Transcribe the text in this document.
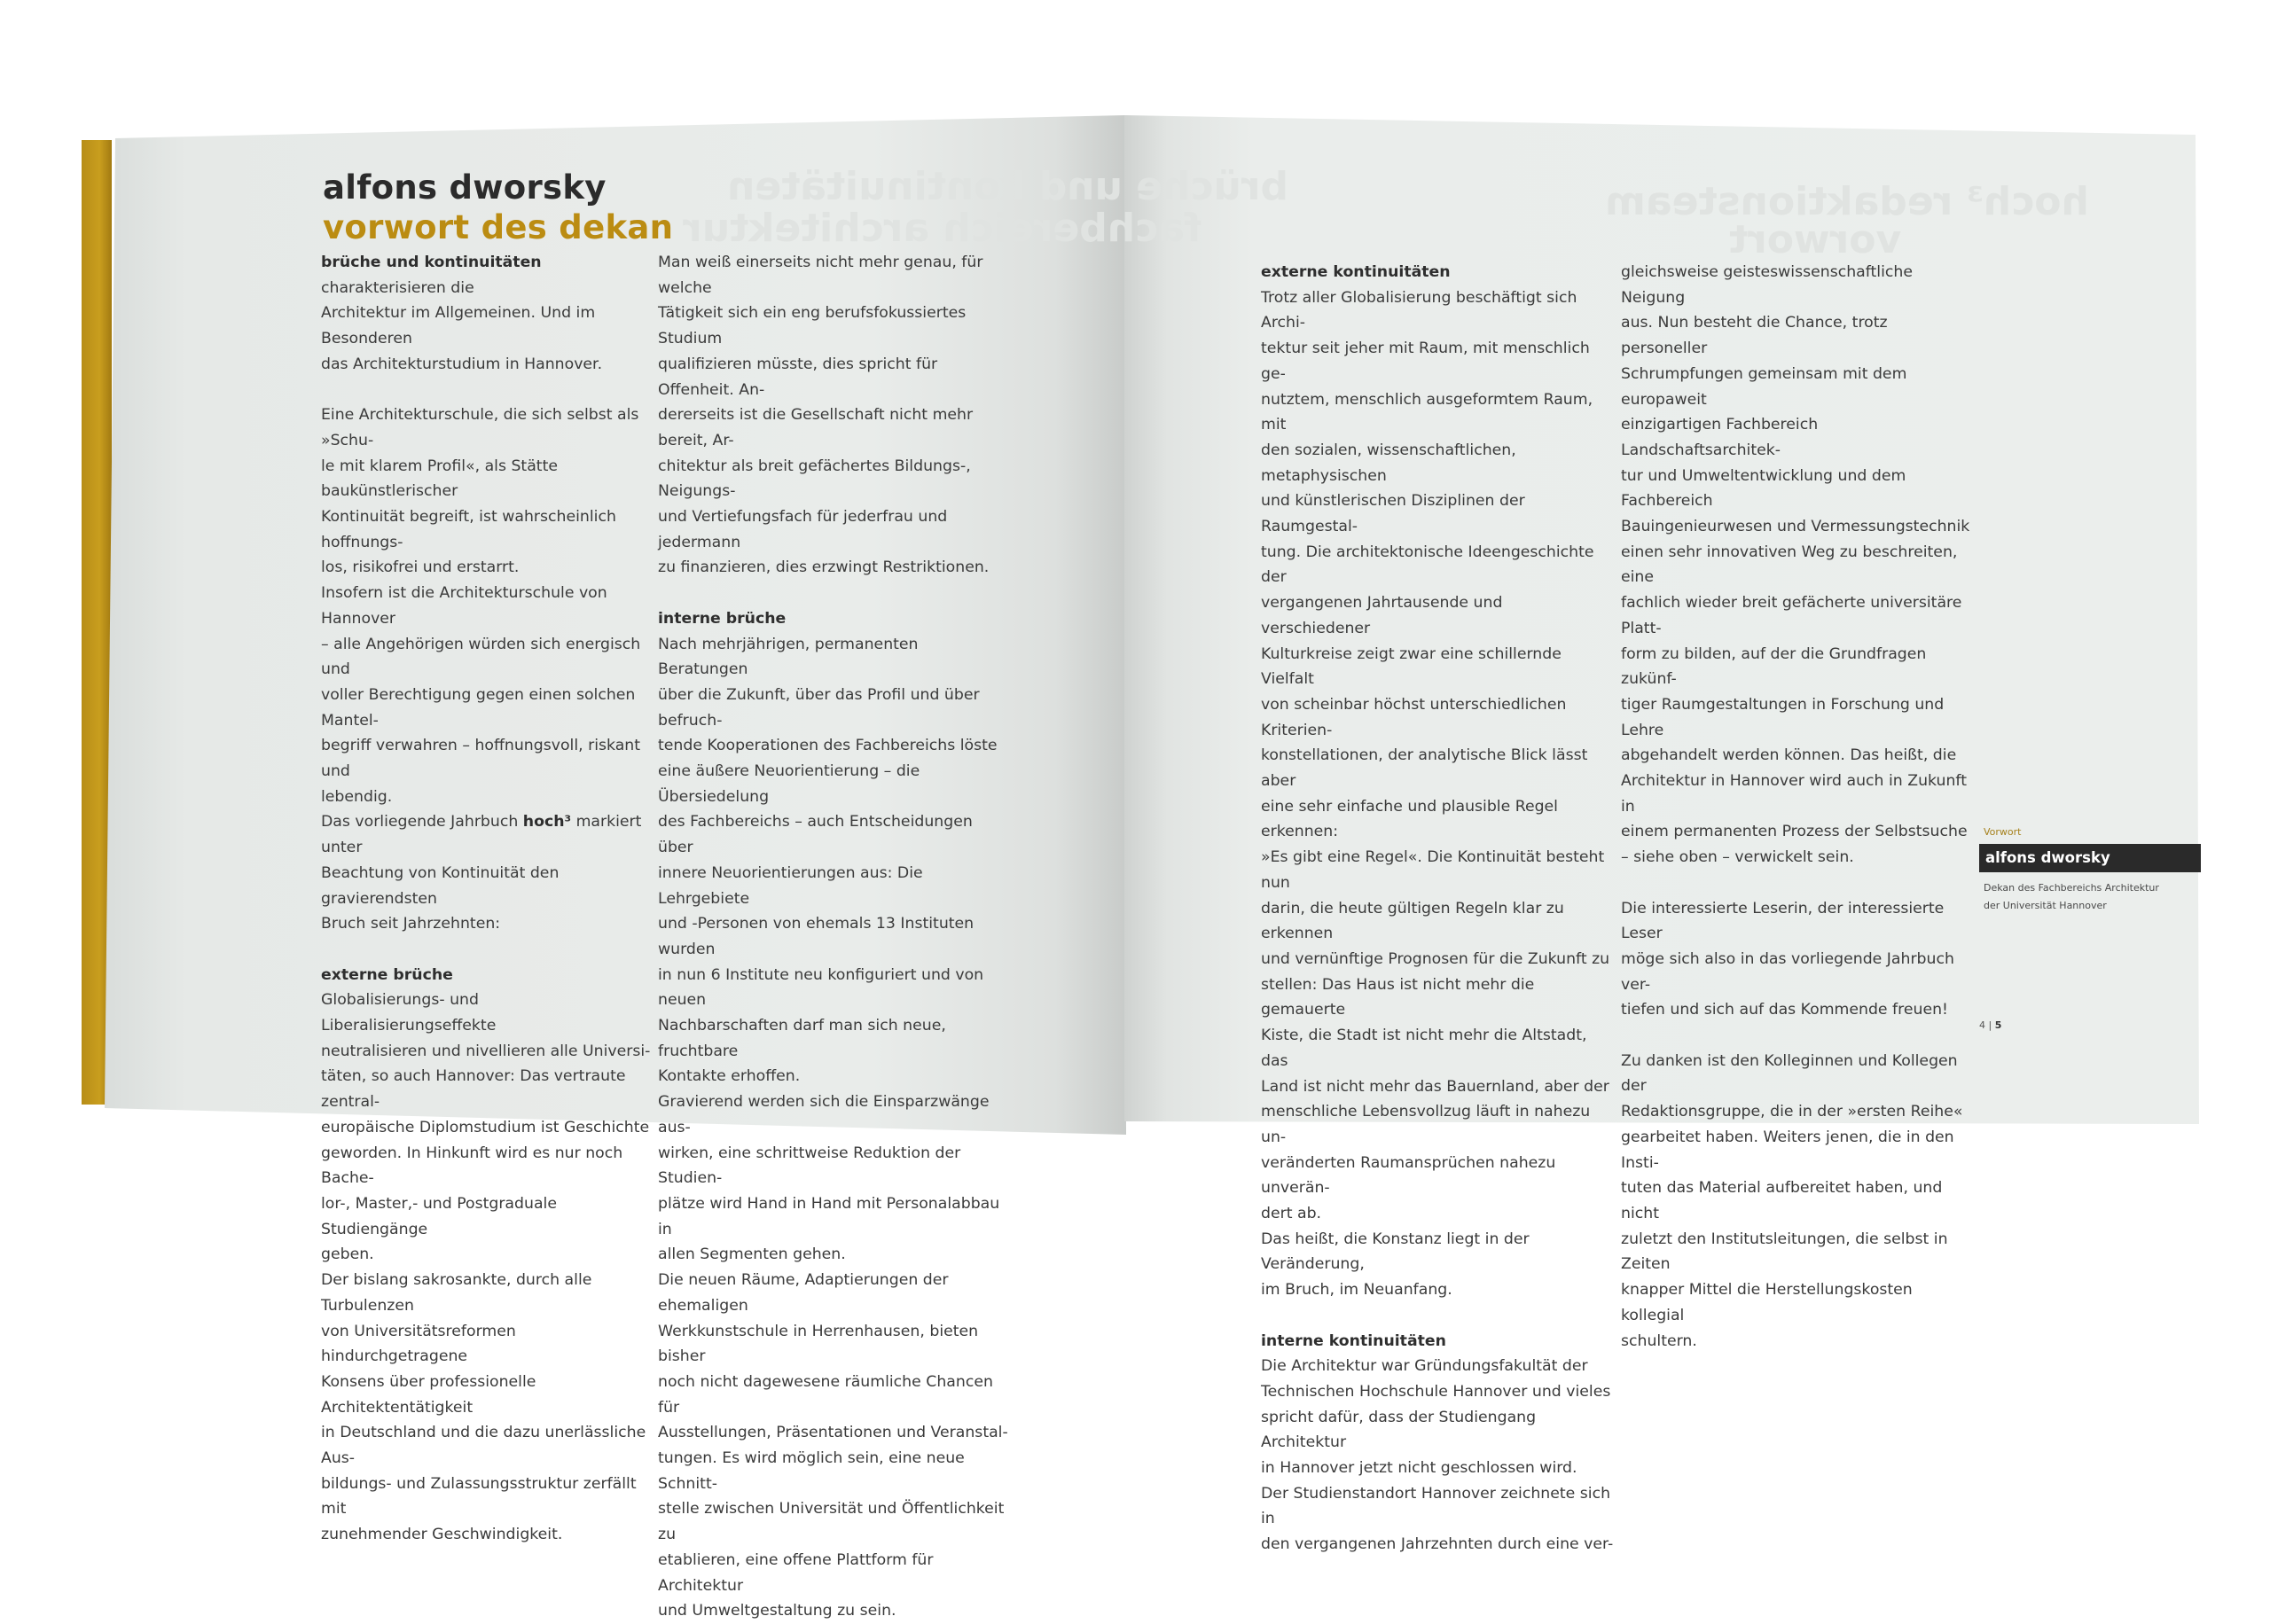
brüche und kontinuitäten
fachbereich architektur
hoch³ redaktionsteam
vorwort
alfons dworsky
vorwort des dekan

brüche und kontinuitäten charakterisieren die

Architektur im Allgemeinen. Und im Besonderen

das Architekturstudium in Hannover.

Eine Architekturschule, die sich selbst als »Schu-

le mit klarem Profil«, als Stätte baukünstlerischer

Kontinuität begreift, ist wahrscheinlich hoffnungs-

los, risikofrei und erstarrt.

Insofern ist die Architekturschule von Hannover

– alle Angehörigen würden sich energisch und

voller Berechtigung gegen einen solchen Mantel-

begriff verwahren – hoffnungsvoll, riskant und

lebendig.

Das vorliegende Jahrbuch hoch³ markiert unter

Beachtung von Kontinuität den gravierendsten

Bruch seit Jahrzehnten:

externe brüche

Globalisierungs- und Liberalisierungseffekte

neutralisieren und nivellieren alle Universi-

täten, so auch Hannover: Das vertraute zentral-

europäische Diplomstudium ist Geschichte

geworden. In Hinkunft wird es nur noch Bache-

lor-, Master,- und Postgraduale Studiengänge

geben.

Der bislang sakrosankte, durch alle Turbulenzen

von Universitätsreformen hindurchgetragene

Konsens über professionelle Architektentätigkeit

in Deutschland und die dazu unerlässliche Aus-

bildungs- und Zulassungsstruktur zerfällt mit

zunehmender Geschwindigkeit.

Man weiß einerseits nicht mehr genau, für welche

Tätigkeit sich ein eng berufsfokussiertes Studium

qualifizieren müsste, dies spricht für Offenheit. An-

dererseits ist die Gesellschaft nicht mehr bereit, Ar-

chitektur als breit gefächertes Bildungs-, Neigungs-

und Vertiefungsfach für jederfrau und jedermann

zu finanzieren, dies erzwingt Restriktionen.

interne brüche

Nach mehrjährigen, permanenten Beratungen

über die Zukunft, über das Profil und über befruch-

tende Kooperationen des Fachbereichs löste

eine äußere Neuorientierung – die Übersiedelung

des Fachbereichs – auch Entscheidungen über

innere Neuorientierungen aus: Die Lehrgebiete

und -Personen von ehemals 13 Instituten wurden

in nun 6 Institute neu konfiguriert und von neuen

Nachbarschaften darf man sich neue, fruchtbare

Kontakte erhoffen.

Gravierend werden sich die Einsparzwänge aus-

wirken, eine schrittweise Reduktion der Studien-

plätze wird Hand in Hand mit Personalabbau in

allen Segmenten gehen.

Die neuen Räume, Adaptierungen der ehemaligen

Werkkunstschule in Herrenhausen, bieten bisher

noch nicht dagewesene räumliche Chancen für

Ausstellungen, Präsentationen und Veranstal-

tungen. Es wird möglich sein, eine neue Schnitt-

stelle zwischen Universität und Öffentlichkeit zu

etablieren, eine offene Plattform für Architektur

und Umweltgestaltung zu sein.

externe kontinuitäten

Trotz aller Globalisierung beschäftigt sich Archi-

tektur seit jeher mit Raum, mit menschlich ge-

nutztem, menschlich ausgeformtem Raum, mit

den sozialen, wissenschaftlichen, metaphysischen

und künstlerischen Disziplinen der Raumgestal-

tung. Die architektonische Ideengeschichte der

vergangenen Jahrtausende und verschiedener

Kulturkreise zeigt zwar eine schillernde Vielfalt

von scheinbar höchst unterschiedlichen Kriterien-

konstellationen, der analytische Blick lässt aber

eine sehr einfache und plausible Regel erkennen:

»Es gibt eine Regel«. Die Kontinuität besteht nun

darin, die heute gültigen Regeln klar zu erkennen

und vernünftige Prognosen für die Zukunft zu

stellen: Das Haus ist nicht mehr die gemauerte

Kiste, die Stadt ist nicht mehr die Altstadt, das

Land ist nicht mehr das Bauernland, aber der

menschliche Lebensvollzug läuft in nahezu un-

veränderten Raumansprüchen nahezu unverän-

dert ab.

Das heißt, die Konstanz liegt in der Veränderung,

im Bruch, im Neuanfang.

interne kontinuitäten

Die Architektur war Gründungsfakultät der

Technischen Hochschule Hannover und vieles

spricht dafür, dass der Studiengang Architektur

in Hannover jetzt nicht geschlossen wird.

Der Studienstandort Hannover zeichnete sich in

den vergangenen Jahrzehnten durch eine ver-

gleichsweise geisteswissenschaftliche Neigung

aus. Nun besteht die Chance, trotz personeller

Schrumpfungen gemeinsam mit dem europaweit

einzigartigen Fachbereich Landschaftsarchitek-

tur und Umweltentwicklung und dem Fachbereich

Bauingenieurwesen und Vermessungstechnik

einen sehr innovativen Weg zu beschreiten, eine

fachlich wieder breit gefächerte universitäre Platt-

form zu bilden, auf der die Grundfragen zukünf-

tiger Raumgestaltungen in Forschung und Lehre

abgehandelt werden können. Das heißt, die

Architektur in Hannover wird auch in Zukunft in

einem permanenten Prozess der Selbstsuche

– siehe oben – verwickelt sein.

Die interessierte Leserin, der interessierte Leser

möge sich also in das vorliegende Jahrbuch ver-

tiefen und sich auf das Kommende freuen!

Zu danken ist den Kolleginnen und Kollegen der

Redaktionsgruppe, die in der »ersten Reihe«

gearbeitet haben. Weiters jenen, die in den Insti-

tuten das Material aufbereitet haben, und nicht

zuletzt den Institutsleitungen, die selbst in Zeiten

knapper Mittel die Herstellungskosten kollegial

schultern.

Vorwort
alfons dworsky
Dekan des Fachbereichs Architektur
der Universität Hannover
4 | 5
